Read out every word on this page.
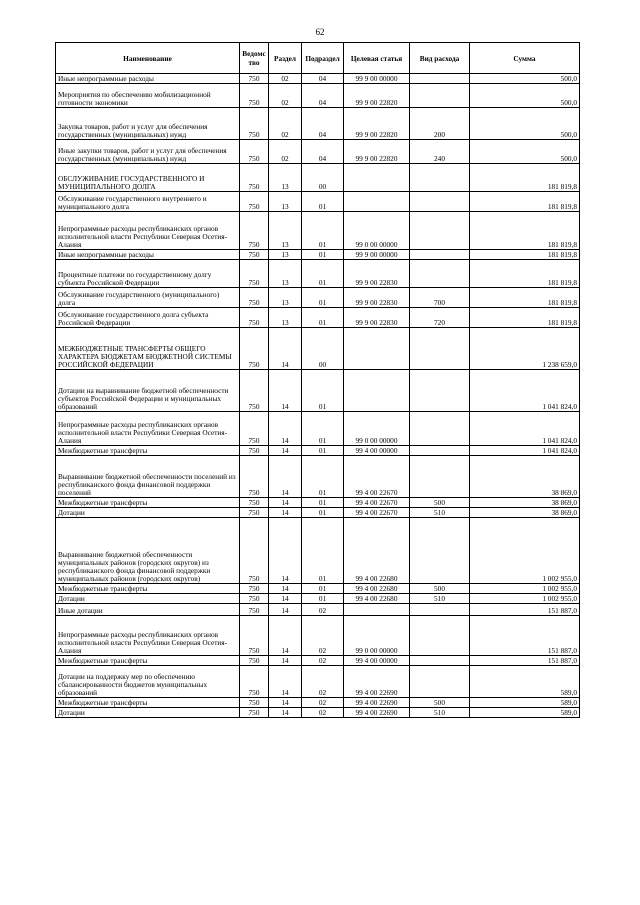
62
Наименование	Ведомс тво	Раздел	Подраздел	Целевая статья	Вид расхода	Сумма
Иные непрограммные расходы	750	02	04	99 9 00 00000		500,0
Мероприятия по обеспечению мобилизационной готовности экономики	750	02	04	99 9 00 22820		500,0
Закупка товаров, работ и услуг для обеспечения государственных (муниципальных) нужд	750	02	04	99 9 00 22820	200	500,0
Иные закупки товаров, работ и услуг для обеспечения государственных (муниципальных) нужд	750	02	04	99 9 00 22820	240	500,0
ОБСЛУЖИВАНИЕ ГОСУДАРСТВЕННОГО И МУНИЦИПАЛЬНОГО ДОЛГА	750	13	00			181 819,8
Обслуживание государственного внутреннего и муниципального долга	750	13	01			181 819,8
Непрограммные расходы республиканских органов исполнительной власти Республики Северная Осетия-Алания	750	13	01	99 0 00 00000		181 819,8
Иные непрограммные расходы	750	13	01	99 9 00 00000		181 819,8
Процентные платежи по государственному долгу субъекта Российской Федерации	750	13	01	99 9 00 22830		181 819,8
Обслуживание государственного (муниципального) долга	750	13	01	99 9 00 22830	700	181 819,8
Обслуживание государственного долга субъекта Российской Федерации	750	13	01	99 9 00 22830	720	181 819,8
МЕЖБЮДЖЕТНЫЕ ТРАНСФЕРТЫ ОБЩЕГО ХАРАКТЕРА БЮДЖЕТАМ БЮДЖЕТНОЙ СИСТЕМЫ РОССИЙСКОЙ ФЕДЕРАЦИИ	750	14	00			1 238 659,0
Дотации на выравнивание бюджетной обеспеченности субъектов Российской Федерации и муниципальных образований	750	14	01			1 041 824,0
Непрограммные расходы республиканских органов исполнительной власти Республики Северная Осетия-Алания	750	14	01	99 0 00 00000		1 041 824,0
Межбюджетные трансферты	750	14	01	99 4 00 00000		1 041 824,0
Выравнивание бюджетной обеспеченности поселений из республиканского фонда финансовой поддержки поселений	750	14	01	99 4 00 22670		38 869,0
Межбюджетные трансферты	750	14	01	99 4 00 22670	500	38 869,0
Дотации	750	14	01	99 4 00 22670	510	38 869,0
Выравнивание бюджетной обеспеченности муниципальных районов (городских округов) из республиканского фонда финансовой поддержки муниципальных районов (городских округов)	750	14	01	99 4 00 22680		1 002 955,0
Межбюджетные трансферты	750	14	01	99 4 00 22680	500	1 002 955,0
Дотации	750	14	01	99 4 00 22680	510	1 002 955,0
Иные дотации	750	14	02			151 887,0
Непрограммные расходы республиканских органов исполнительной власти Республики Северная Осетия-Алания	750	14	02	99 0 00 00000		151 887,0
Межбюджетные трансферты	750	14	02	99 4 00 00000		151 887,0
Дотации на поддержку мер по обеспечению сбалансированности бюджетов муниципальных образований	750	14	02	99 4 00 22690		589,0
Межбюджетные трансферты	750	14	02	99 4 00 22690	500	589,0
Дотации	750	14	02	99 4 00 22690	510	589,0
